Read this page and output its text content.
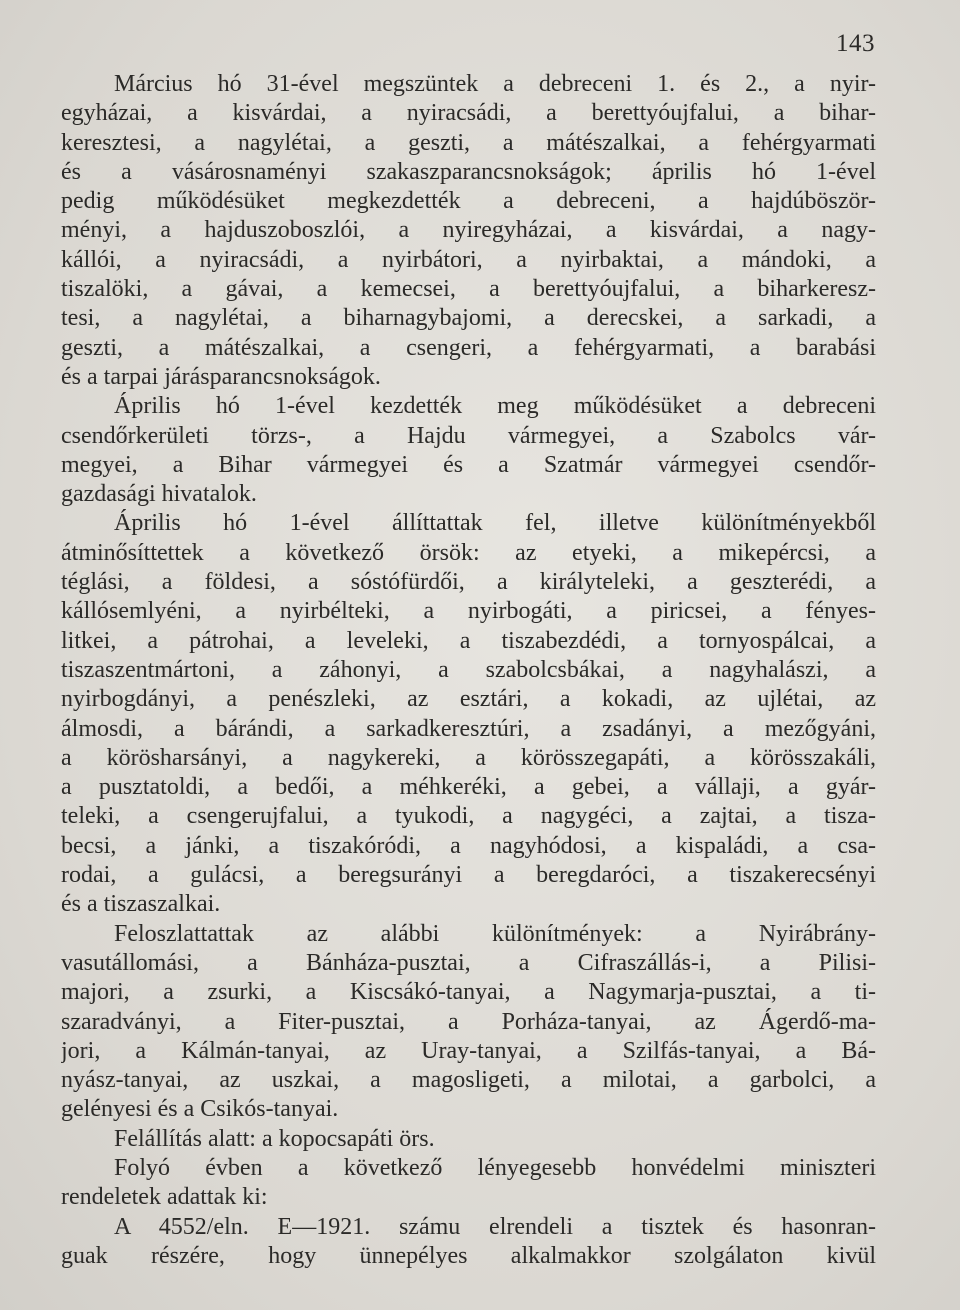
143
Március hó 31-ével megszüntek a debreceni 1. és 2., a nyir-
egyházai, a kisvárdai, a nyiracsádi, a berettyóujfalui, a bihar-
keresztesi, a nagylétai, a geszti, a mátészalkai, a fehérgyarmati
és a vásárosnaményi szakaszparancsnokságok; április hó 1-ével
pedig működésüket megkezdették a debreceni, a hajdúböször-
ményi, a hajduszoboszlói, a nyiregyházai, a kisvárdai, a nagy-
kállói, a nyiracsádi, a nyirbátori, a nyirbaktai, a mándoki, a
tiszalöki, a gávai, a kemecsei, a berettyóujfalui, a biharkeresz-
tesi, a nagylétai, a biharnagybajomi, a derecskei, a sarkadi, a
geszti, a mátészalkai, a csengeri, a fehérgyarmati, a barabási
és a tarpai járásparancsnokságok.
Április hó 1-ével kezdették meg működésüket a debreceni
csendőrkerületi törzs-, a Hajdu vármegyei, a Szabolcs vár-
megyei, a Bihar vármegyei és a Szatmár vármegyei csendőr-
gazdasági hivatalok.
Április hó 1-ével állíttattak fel, illetve különítményekből
átminősíttettek a következő örsök: az etyeki, a mikepércsi, a
téglási, a földesi, a sóstófürdői, a királyteleki, a geszterédi, a
kállósemlyéni, a nyirbélteki, a nyirbogáti, a piricsei, a fényes-
litkei, a pátrohai, a leveleki, a tiszabezdédi, a tornyospálcai, a
tiszaszentmártoni, a záhonyi, a szabolcsbákai, a nagyhalászi, a
nyirbogdányi, a penészleki, az esztári, a kokadi, az ujlétai, az
álmosdi, a bárándi, a sarkadkeresztúri, a zsadányi, a mezőgyáni,
a körösharsányi, a nagykereki, a körösszegapáti, a körösszakáli,
a pusztatoldi, a bedői, a méhkeréki, a gebei, a vállaji, a gyár-
teleki, a csengerujfalui, a tyukodi, a nagygéci, a zajtai, a tisza-
becsi, a jánki, a tiszakóródi, a nagyhódosi, a kispaládi, a csa-
rodai, a gulácsi, a beregsurányi a beregdaróci, a tiszakerecsényi
és a tiszaszalkai.
Feloszlattattak az alábbi különítmények: a Nyirábrány-
vasutállomási, a Bánháza-pusztai, a Cifraszállás-i, a Pilisi-
majori, a zsurki, a Kiscsákó-tanyai, a Nagymarja-pusztai, a ti-
szaradványi, a Fiter-pusztai, a Porháza-tanyai, az Ágerdő-ma-
jori, a Kálmán-tanyai, az Uray-tanyai, a Szilfás-tanyai, a Bá-
nyász-tanyai, az uszkai, a magosligeti, a milotai, a garbolci, a
gelényesi és a Csikós-tanyai.
Felállítás alatt: a kopocsapáti örs.
Folyó évben a következő lényegesebb honvédelmi miniszteri
rendeletek adattak ki:
A 4552/eln. E—1921. számu elrendeli a tisztek és hasonran-
guak részére, hogy ünnepélyes alkalmakkor szolgálaton kivül
